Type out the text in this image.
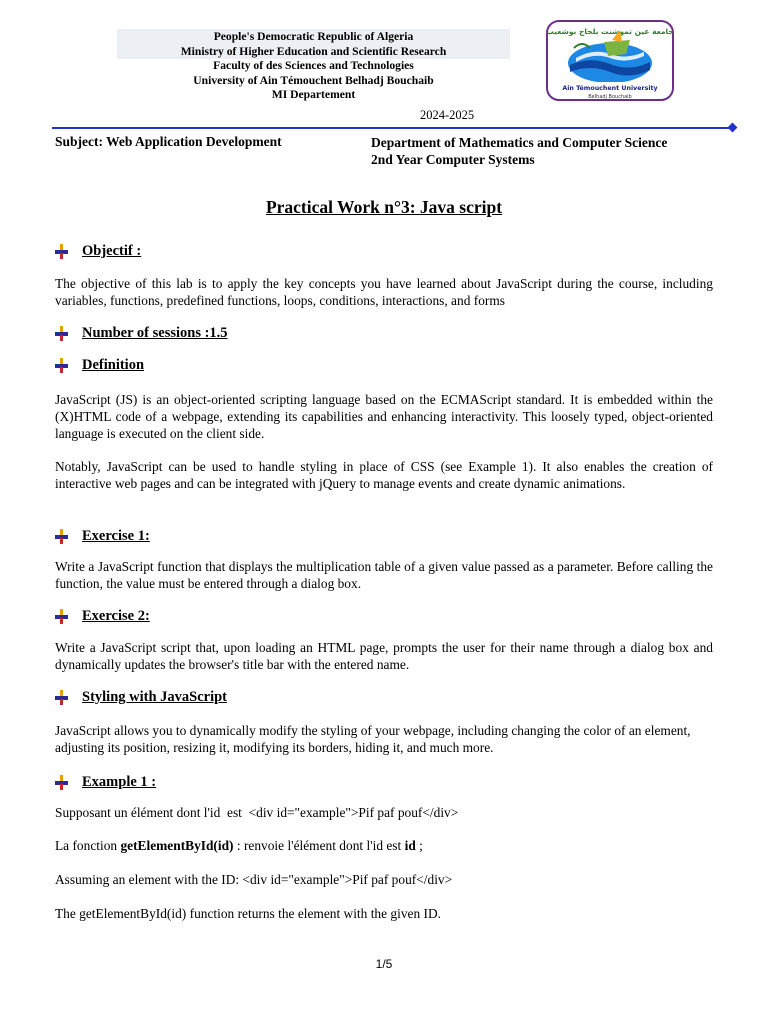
People's Democratic Republic of Algeria
Ministry of Higher Education and Scientific Research
Faculty of des Sciences and Technologies
University of Ain Témouchent Belhadj Bouchaib
MI Departement
جامعة عين تموشنت بلحاج بوشعيب
Ain Témouchent University
Belhadj Bouchaib
2024-2025
Subject: Web Application Development	Department of Mathematics and Computer Science
2nd Year Computer Systems
Practical Work n°3: Java script
Objectif :
The objective of this lab is to apply the key concepts you have learned about JavaScript during the course, including variables, functions, predefined functions, loops, conditions, interactions, and forms
Number of sessions :1.5
Definition
JavaScript (JS) is an object-oriented scripting language based on the ECMAScript standard. It is embedded within the (X)HTML code of a webpage, extending its capabilities and enhancing interactivity. This loosely typed, object-oriented language is executed on the client side.
Notably, JavaScript can be used to handle styling in place of CSS (see Example 1). It also enables the creation of interactive web pages and can be integrated with jQuery to manage events and create dynamic animations.
Exercise 1:
Write a JavaScript function that displays the multiplication table of a given value passed as a parameter. Before calling the function, the value must be entered through a dialog box.
Exercise 2:
Write a JavaScript script that, upon loading an HTML page, prompts the user for their name through a dialog box and dynamically updates the browser's title bar with the entered name.
Styling with JavaScript
JavaScript allows you to dynamically modify the styling of your webpage, including changing the color of an element, adjusting its position, resizing it, modifying its borders, hiding it, and much more.
Example 1 :
Supposant un élément dont l'id  est  <div id="example">Pif paf pouf</div>
La fonction getElementById(id) : renvoie l'élément dont l'id est id ;
Assuming an element with the ID: <div id="example">Pif paf pouf</div>
The getElementById(id) function returns the element with the given ID.
1/5
